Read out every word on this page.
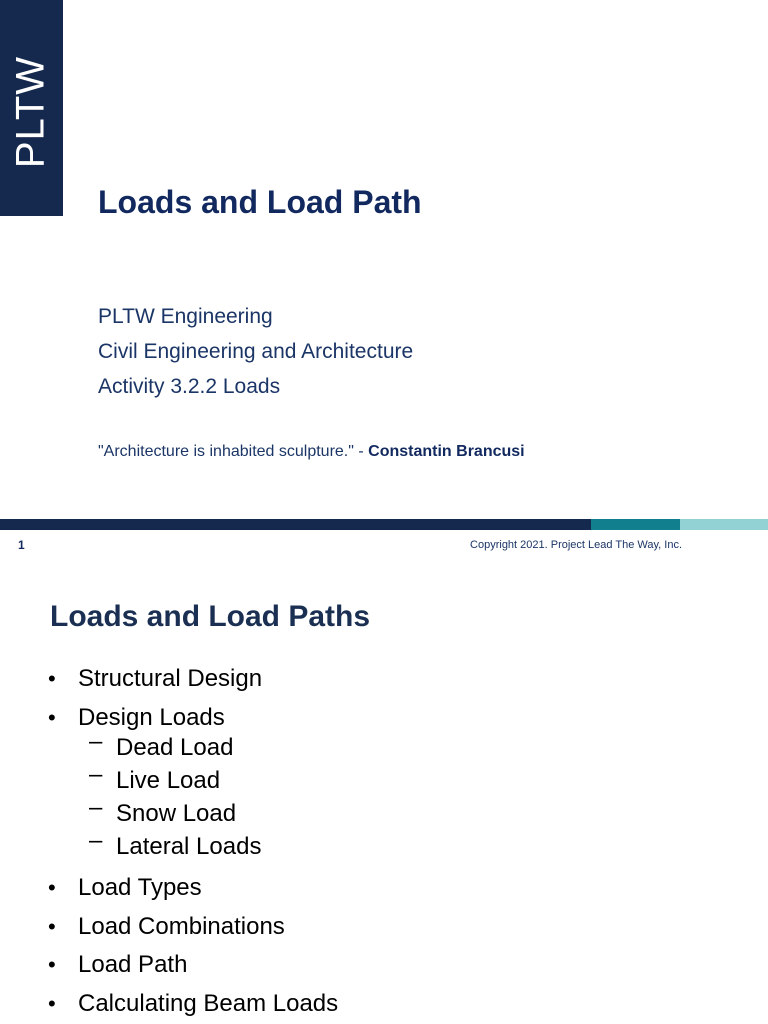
PLTW
Loads and Load Path
PLTW Engineering
Civil Engineering and Architecture
Activity 3.2.2 Loads
"Architecture is inhabited sculpture." - Constantin Brancusi
1	Copyright 2021. Project Lead The Way, Inc.
Loads and Load Paths
• Structural Design
• Design Loads
– Dead Load
– Live Load
– Snow Load
– Lateral Loads
• Load Types
• Load Combinations
• Load Path
• Calculating Beam Loads
